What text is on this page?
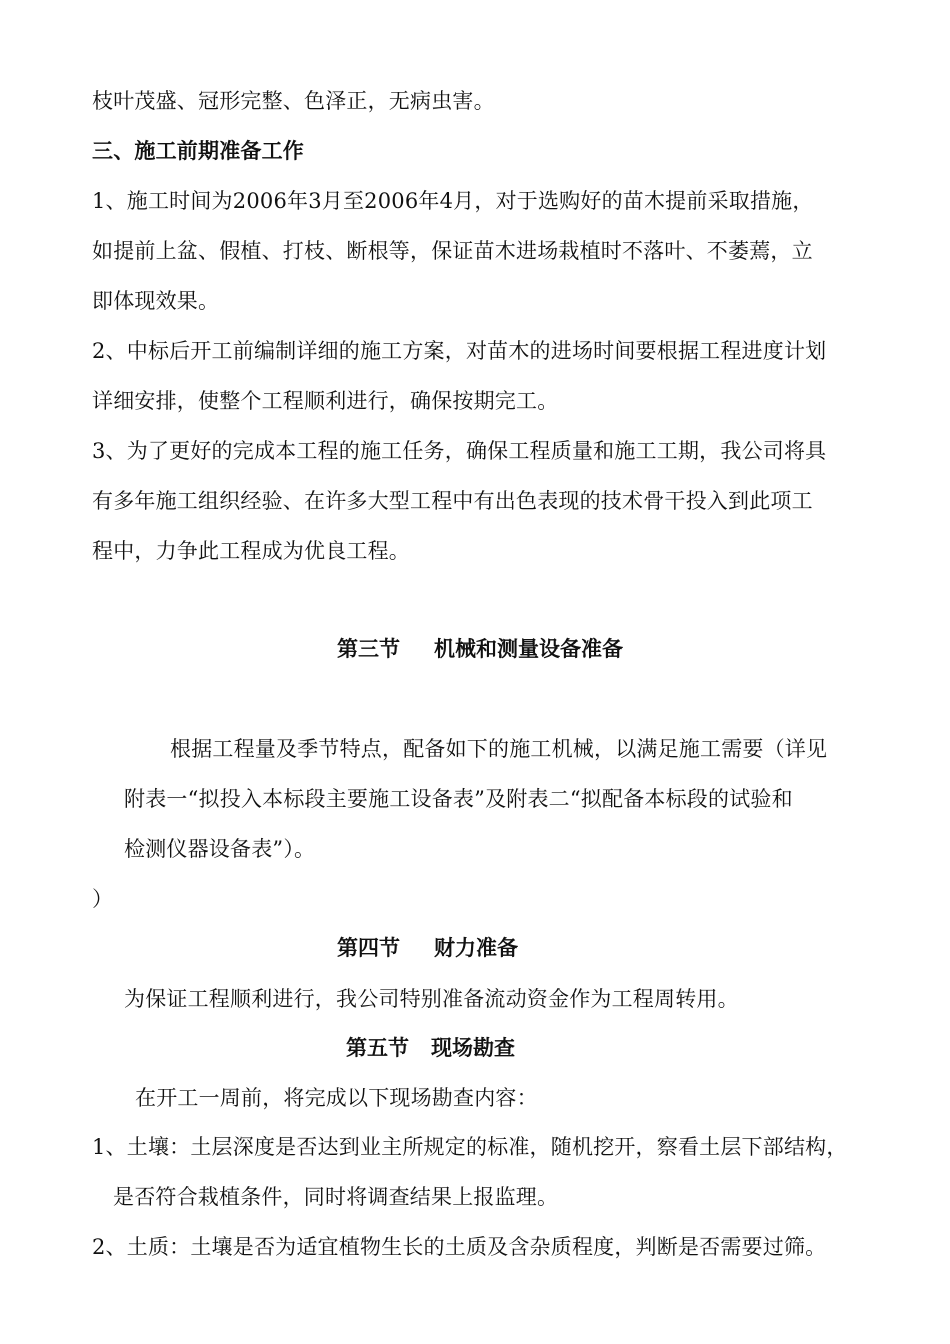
枝叶茂盛、冠形完整、色泽正，无病虫害。
三、施工前期准备工作
1、施工时间为2006年3月至2006年4月，对于选购好的苗木提前采取措施，
如提前上盆、假植、打枝、断根等，保证苗木进场栽植时不落叶、不萎蔫，立
即体现效果。
2、中标后开工前编制详细的施工方案，对苗木的进场时间要根据工程进度计划
详细安排，使整个工程顺利进行，确保按期完工。
3、为了更好的完成本工程的施工任务，确保工程质量和施工工期，我公司将具
有多年施工组织经验、在许多大型工程中有出色表现的技术骨干投入到此项工
程中，力争此工程成为优良工程。
第三节 机械和测量设备准备
根据工程量及季节特点，配备如下的施工机械，以满足施工需要（详见
附表一“拟投入本标段主要施工设备表”及附表二“拟配备本标段的试验和
检测仪器设备表”）。
）
第四节 财力准备
为保证工程顺利进行，我公司特别准备流动资金作为工程周转用。
第五节 现场勘查
在开工一周前，将完成以下现场勘查内容：
1、土壤：土层深度是否达到业主所规定的标准，随机挖开，察看土层下部结构，
是否符合栽植条件，同时将调查结果上报监理。
2、土质：土壤是否为适宜植物生长的土质及含杂质程度，判断是否需要过筛。
